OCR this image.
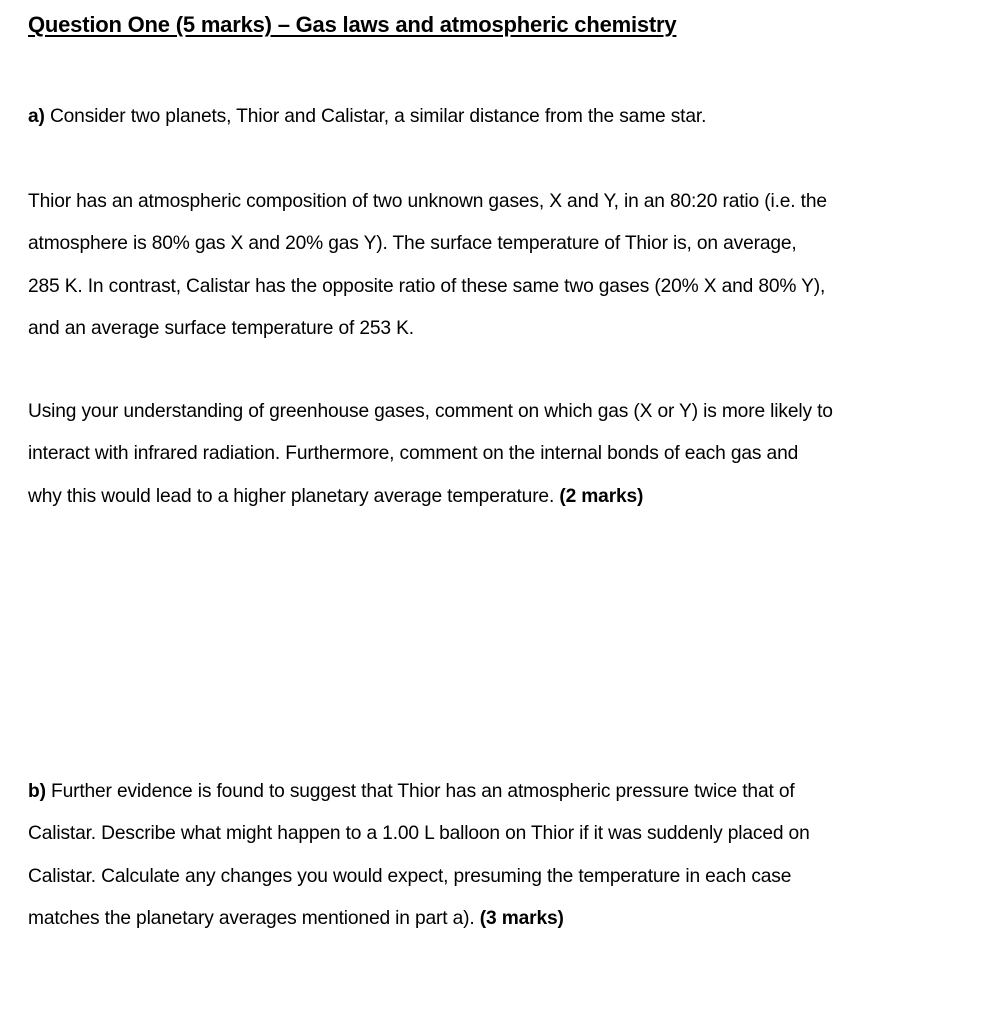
Question One (5 marks) – Gas laws and atmospheric chemistry
a) Consider two planets, Thior and Calistar, a similar distance from the same star.
Thior has an atmospheric composition of two unknown gases, X and Y, in an 80:20 ratio (i.e. the
atmosphere is 80% gas X and 20% gas Y). The surface temperature of Thior is, on average,
285 K. In contrast, Calistar has the opposite ratio of these same two gases (20% X and 80% Y),
and an average surface temperature of 253 K.
Using your understanding of greenhouse gases, comment on which gas (X or Y) is more likely to
interact with infrared radiation. Furthermore, comment on the internal bonds of each gas and
why this would lead to a higher planetary average temperature. (2 marks)
b) Further evidence is found to suggest that Thior has an atmospheric pressure twice that of
Calistar. Describe what might happen to a 1.00 L balloon on Thior if it was suddenly placed on
Calistar. Calculate any changes you would expect, presuming the temperature in each case
matches the planetary averages mentioned in part a). (3 marks)
